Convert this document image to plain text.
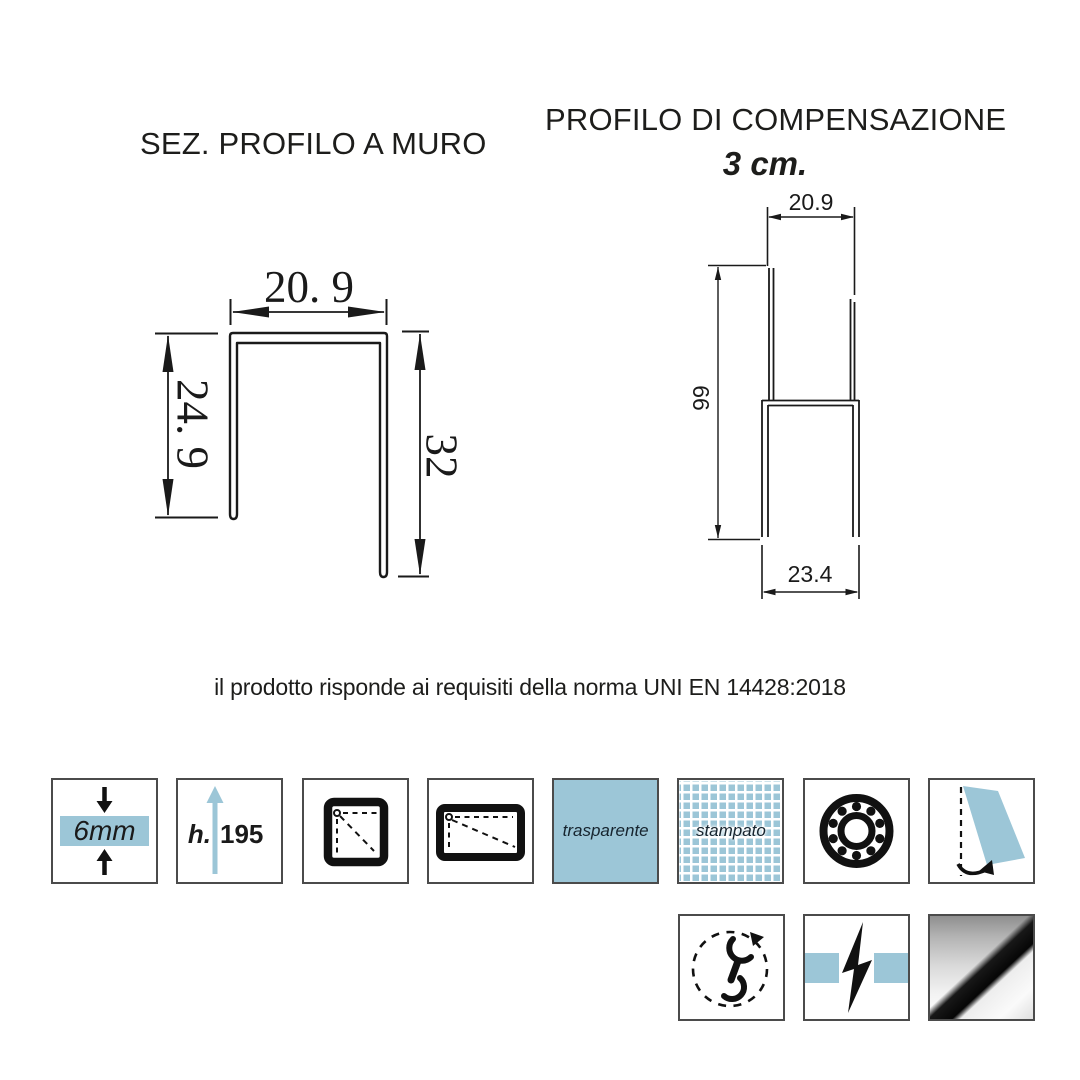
SEZ. PROFILO A MURO
PROFILO DI COMPENSAZIONE
3 cm.
20. 9
24. 9	32
20.9
66
23.4
il prodotto risponde ai requisiti della norma UNI EN 14428:2018
6mm h. 195	trasparente	stampato
